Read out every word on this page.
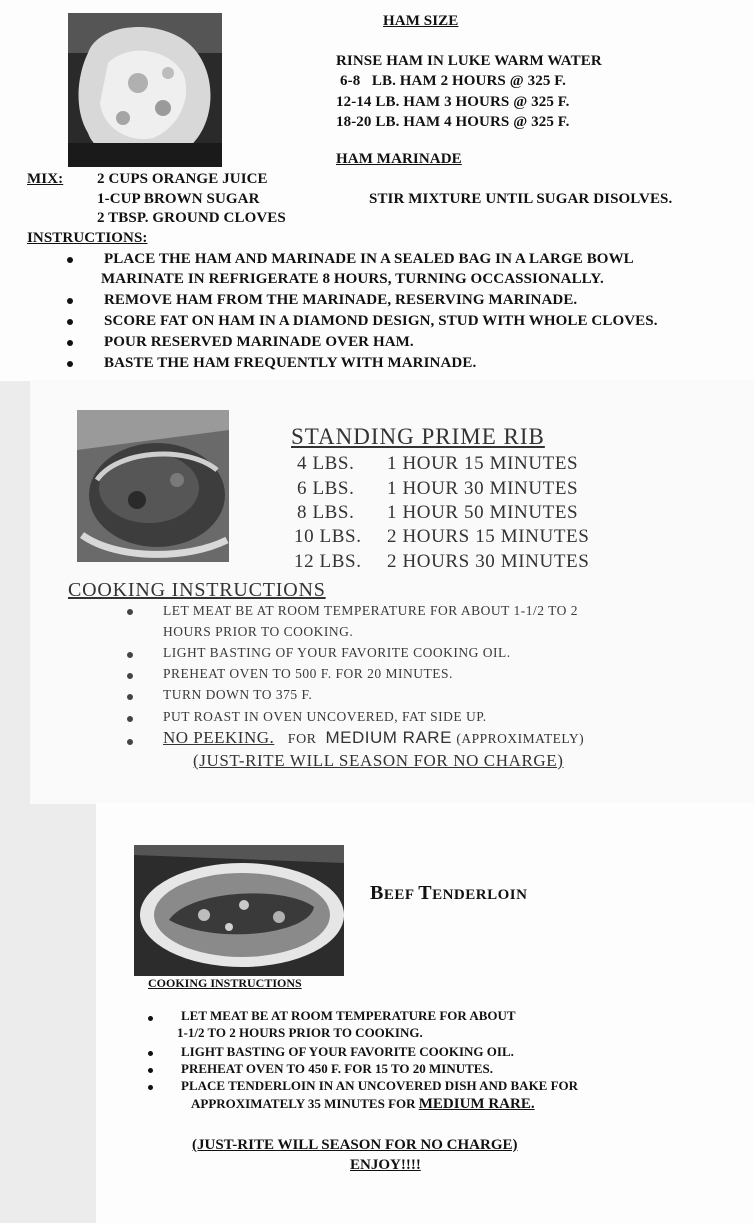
HAM SIZE
RINSE HAM IN LUKE WARM WATER
6-8 LB. HAM 2 HOURS @ 325 F.
12-14 LB. HAM 3 HOURS @ 325 F.
18-20 LB. HAM 4 HOURS @ 325 F.
HAM MARINADE
MIX: 2 CUPS ORANGE JUICE
1-CUP BROWN SUGAR
2 TBSP. GROUND CLOVES
STIR MIXTURE UNTIL SUGAR DISOLVES.
INSTRUCTIONS:
PLACE THE HAM AND MARINADE IN A SEALED BAG IN A LARGE BOWL
MARINATE IN REFRIGERATE 8 HOURS, TURNING OCCASSIONALLY.
REMOVE HAM FROM THE MARINADE, RESERVING MARINADE.
SCORE FAT ON HAM IN A DIAMOND DESIGN, STUD WITH WHOLE CLOVES.
POUR RESERVED MARINADE OVER HAM.
BASTE THE HAM FREQUENTLY WITH MARINADE.
STANDING PRIME RIB
4 LBS. 1 HOUR 15 MINUTES
6 LBS. 1 HOUR 30 MINUTES
8 LBS. 1 HOUR 50 MINUTES
10 LBS. 2 HOURS 15 MINUTES
12 LBS. 2 HOURS 30 MINUTES
COOKING INSTRUCTIONS
LET MEAT BE AT ROOM TEMPERATURE FOR ABOUT 1-1/2 TO 2
HOURS PRIOR TO COOKING.
LIGHT BASTING OF YOUR FAVORITE COOKING OIL.
PREHEAT OVEN TO 500 F. FOR 20 MINUTES.
TURN DOWN TO 375 F.
PUT ROAST IN OVEN UNCOVERED, FAT SIDE UP.
NO PEEKING. FOR MEDIUM RARE (APPROXIMATELY)
(JUST-RITE WILL SEASON FOR NO CHARGE)
BEEF TENDERLOIN
COOKING INSTRUCTIONS
LET MEAT BE AT ROOM TEMPERATURE FOR ABOUT
1-1/2 TO 2 HOURS PRIOR TO COOKING.
LIGHT BASTING OF YOUR FAVORITE COOKING OIL.
PREHEAT OVEN TO 450 F. FOR 15 TO 20 MINUTES.
PLACE TENDERLOIN IN AN UNCOVERED DISH AND BAKE FOR
APPROXIMATELY 35 MINUTES FOR MEDIUM RARE.
(JUST-RITE WILL SEASON FOR NO CHARGE)
ENJOY!!!!
